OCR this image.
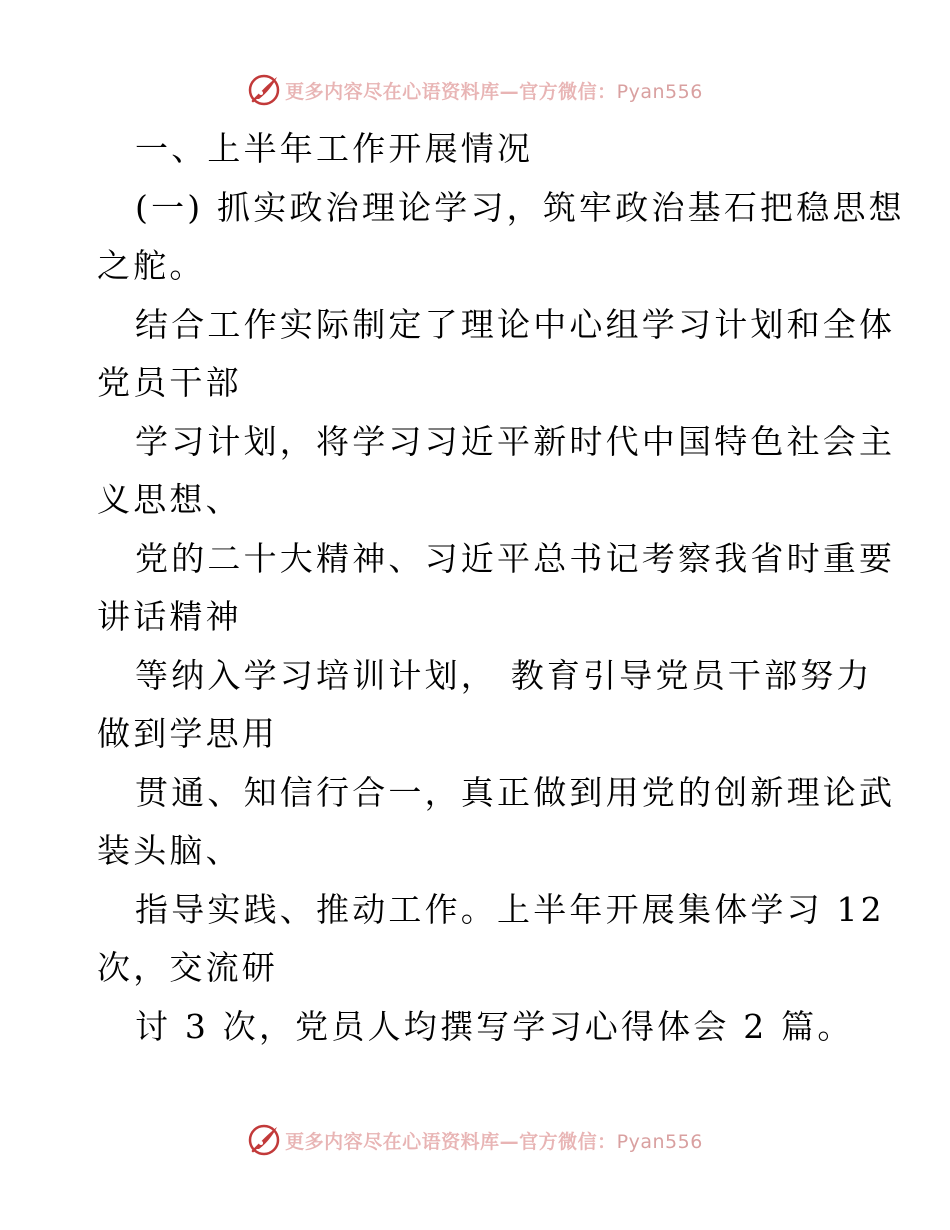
更多内容尽在心语资料库—官方微信：Pyan556
一、上半年工作开展情况
(一) 抓实政治理论学习，筑牢政治基石把稳思想
之舵。
结合工作实际制定了理论中心组学习计划和全体
党员干部
学习计划，将学习习近平新时代中国特色社会主
义思想、
党的二十大精神、习近平总书记考察我省时重要
讲话精神
等纳入学习培训计划， 教育引导党员干部努力
做到学思用
贯通、知信行合一，真正做到用党的创新理论武
装头脑、
指导实践、推动工作。上半年开展集体学习 12
次，交流研
讨 3 次，党员人均撰写学习心得体会 2 篇。
更多内容尽在心语资料库—官方微信：Pyan556
